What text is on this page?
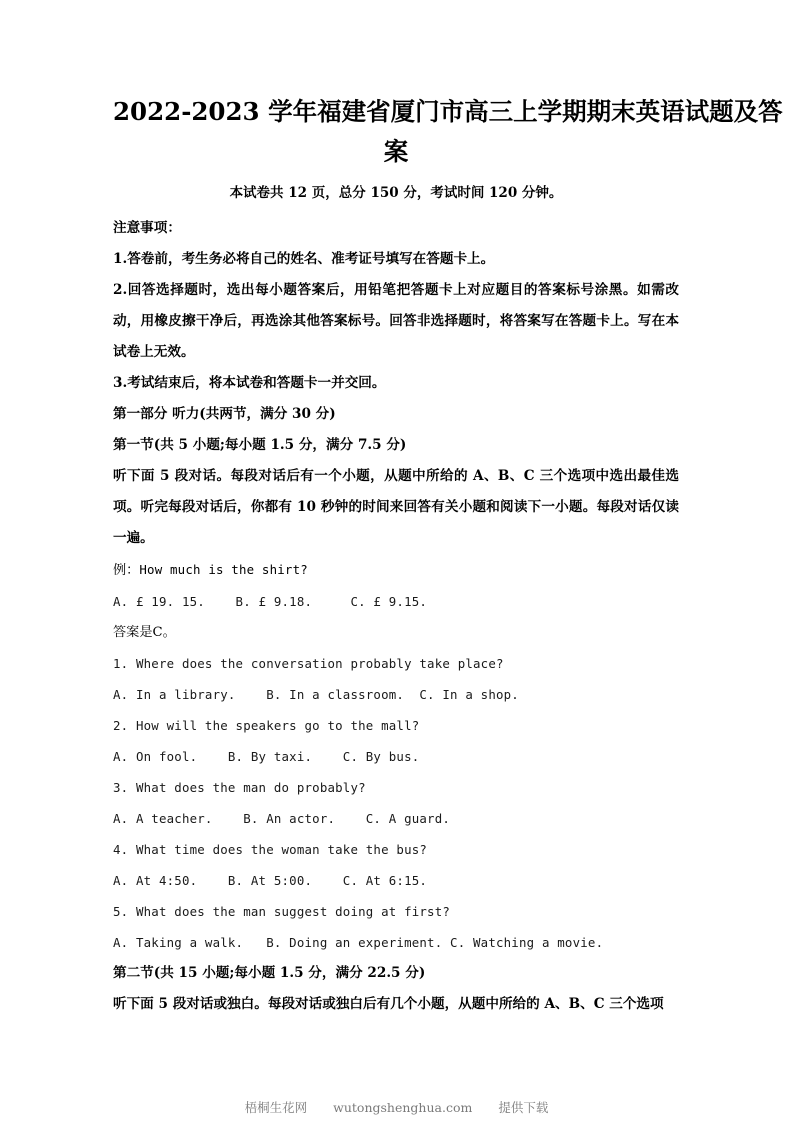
2022-2023 学年福建省厦门市高三上学期期末英语试题及答
案

本试卷共 12 页，总分 150 分，考试时间 120 分钟。

注意事项：

1.答卷前，考生务必将自己的姓名、准考证号填写在答题卡上。

2.回答选择题时，选出每小题答案后，用铅笔把答题卡上对应题目的答案标号涂黑。如需改动，用橡皮擦干净后，再选涂其他答案标号。回答非选择题时，将答案写在答题卡上。写在本试卷上无效。

3.考试结束后，将本试卷和答题卡一并交回。

第一部分 听力(共两节，满分 30 分)

第一节(共 5 小题;每小题 1.5 分，满分 7.5 分)

听下面 5 段对话。每段对话后有一个小题，从题中所给的 A、B、C 三个选项中选出最佳选项。听完每段对话后，你都有 10 秒钟的时间来回答有关小题和阅读下一小题。每段对话仅读一遍。

例：How much is the shirt?

A. £ 19. 15.    B. £ 9.18.     C. £ 9.15.

答案是C。

1. Where does the conversation probably take place?

A. In a library.    B. In a classroom.  C. In a shop.

2. How will the speakers go to the mall?

A. On fool.    B. By taxi.    C. By bus.

3. What does the man do probably?

A. A teacher.    B. An actor.    C. A guard.

4. What time does the woman take the bus?

A. At 4:50.    B. At 5:00.    C. At 6:15.

5. What does the man suggest doing at first?

A. Taking a walk.   B. Doing an experiment. C. Watching a movie.

第二节(共 15 小题;每小题 1.5 分，满分 22.5 分)

听下面 5 段对话或独白。每段对话或独白后有几个小题，从题中所给的 A、B、C 三个选项

梧桐生花网 wutongshenghua.com 提供下载
